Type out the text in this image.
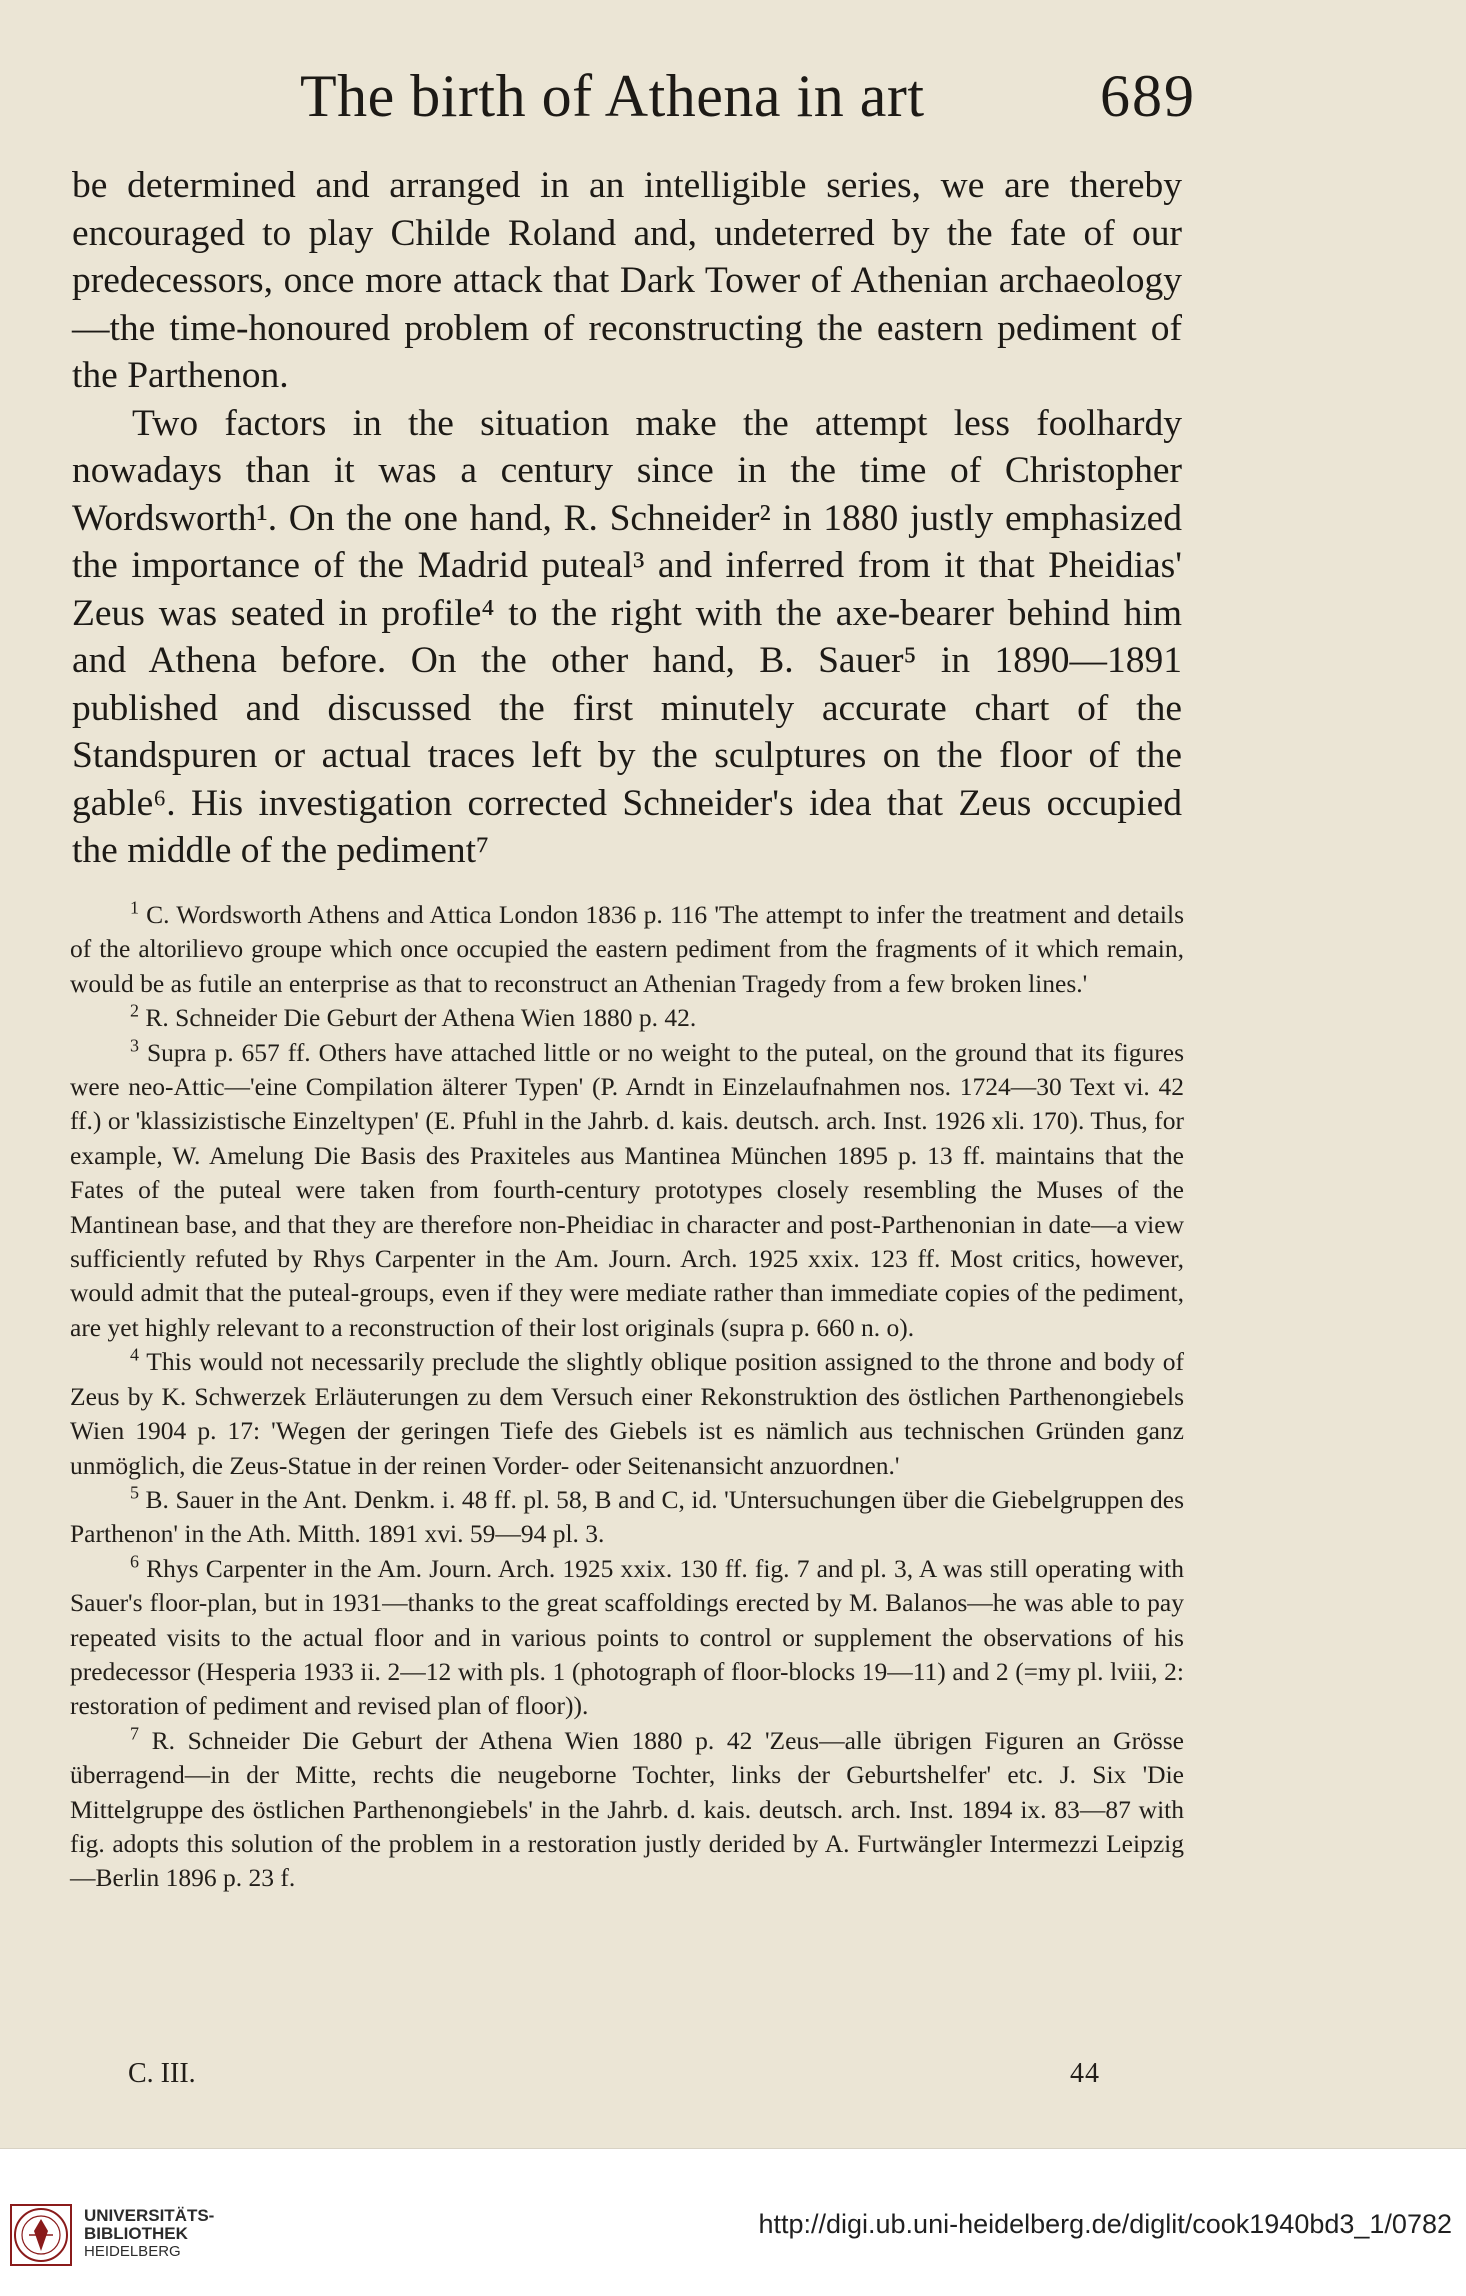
The birth of Athena in art	689

be determined and arranged in an intelligible series, we are thereby encouraged to play Childe Roland and, undeterred by the fate of our predecessors, once more attack that Dark Tower of Athenian archaeology—the time-honoured problem of reconstructing the eastern pediment of the Parthenon.

Two factors in the situation make the attempt less foolhardy nowadays than it was a century since in the time of Christopher Wordsworth¹. On the one hand, R. Schneider² in 1880 justly emphasized the importance of the Madrid puteal³ and inferred from it that Pheidias' Zeus was seated in profile⁴ to the right with the axe-bearer behind him and Athena before. On the other hand, B. Sauer⁵ in 1890—1891 published and discussed the first minutely accurate chart of the Standspuren or actual traces left by the sculptures on the floor of the gable⁶. His investigation corrected Schneider's idea that Zeus occupied the middle of the pediment⁷

$^1$ C. Wordsworth Athens and Attica London 1836 p. 116 'The attempt to infer the treatment and details of the altorilievo groupe which once occupied the eastern pediment from the fragments of it which remain, would be as futile an enterprise as that to reconstruct an Athenian Tragedy from a few broken lines.'

$^2$ R. Schneider Die Geburt der Athena Wien 1880 p. 42.

$^3$ Supra p. 657 ff. Others have attached little or no weight to the puteal, on the ground that its figures were neo-Attic—'eine Compilation älterer Typen' (P. Arndt in Einzelaufnahmen nos. 1724—30 Text vi. 42 ff.) or 'klassizistische Einzeltypen' (E. Pfuhl in the Jahrb. d. kais. deutsch. arch. Inst. 1926 xli. 170). Thus, for example, W. Amelung Die Basis des Praxiteles aus Mantinea München 1895 p. 13 ff. maintains that the Fates of the puteal were taken from fourth-century prototypes closely resembling the Muses of the Mantinean base, and that they are therefore non-Pheidiac in character and post-Parthenonian in date—a view sufficiently refuted by Rhys Carpenter in the Am. Journ. Arch. 1925 xxix. 123 ff. Most critics, however, would admit that the puteal-groups, even if they were mediate rather than immediate copies of the pediment, are yet highly relevant to a reconstruction of their lost originals (supra p. 660 n. o).

$^4$ This would not necessarily preclude the slightly oblique position assigned to the throne and body of Zeus by K. Schwerzek Erläuterungen zu dem Versuch einer Rekonstruktion des östlichen Parthenongiebels Wien 1904 p. 17: 'Wegen der geringen Tiefe des Giebels ist es nämlich aus technischen Gründen ganz unmöglich, die Zeus-Statue in der reinen Vorder- oder Seitenansicht anzuordnen.'

$^5$ B. Sauer in the Ant. Denkm. i. 48 ff. pl. 58, B and C, id. 'Untersuchungen über die Giebelgruppen des Parthenon' in the Ath. Mitth. 1891 xvi. 59—94 pl. 3.

$^6$ Rhys Carpenter in the Am. Journ. Arch. 1925 xxix. 130 ff. fig. 7 and pl. 3, A was still operating with Sauer's floor-plan, but in 1931—thanks to the great scaffoldings erected by M. Balanos—he was able to pay repeated visits to the actual floor and in various points to control or supplement the observations of his predecessor (Hesperia 1933 ii. 2—12 with pls. 1 (photograph of floor-blocks 19—11) and 2 (=my pl. lviii, 2: restoration of pediment and revised plan of floor)).

$^7$ R. Schneider Die Geburt der Athena Wien 1880 p. 42 'Zeus—alle übrigen Figuren an Grösse überragend—in der Mitte, rechts die neugeborne Tochter, links der Geburtshelfer' etc. J. Six 'Die Mittelgruppe des östlichen Parthenongiebels' in the Jahrb. d. kais. deutsch. arch. Inst. 1894 ix. 83—87 with fig. adopts this solution of the problem in a restoration justly derided by A. Furtwängler Intermezzi Leipzig—Berlin 1896 p. 23 f.

C. III.	44
UNIVERSITÄTS-
BIBLIOTHEK
HEIDELBERG
http://digi.ub.uni-heidelberg.de/diglit/cook1940bd3_1/0782
